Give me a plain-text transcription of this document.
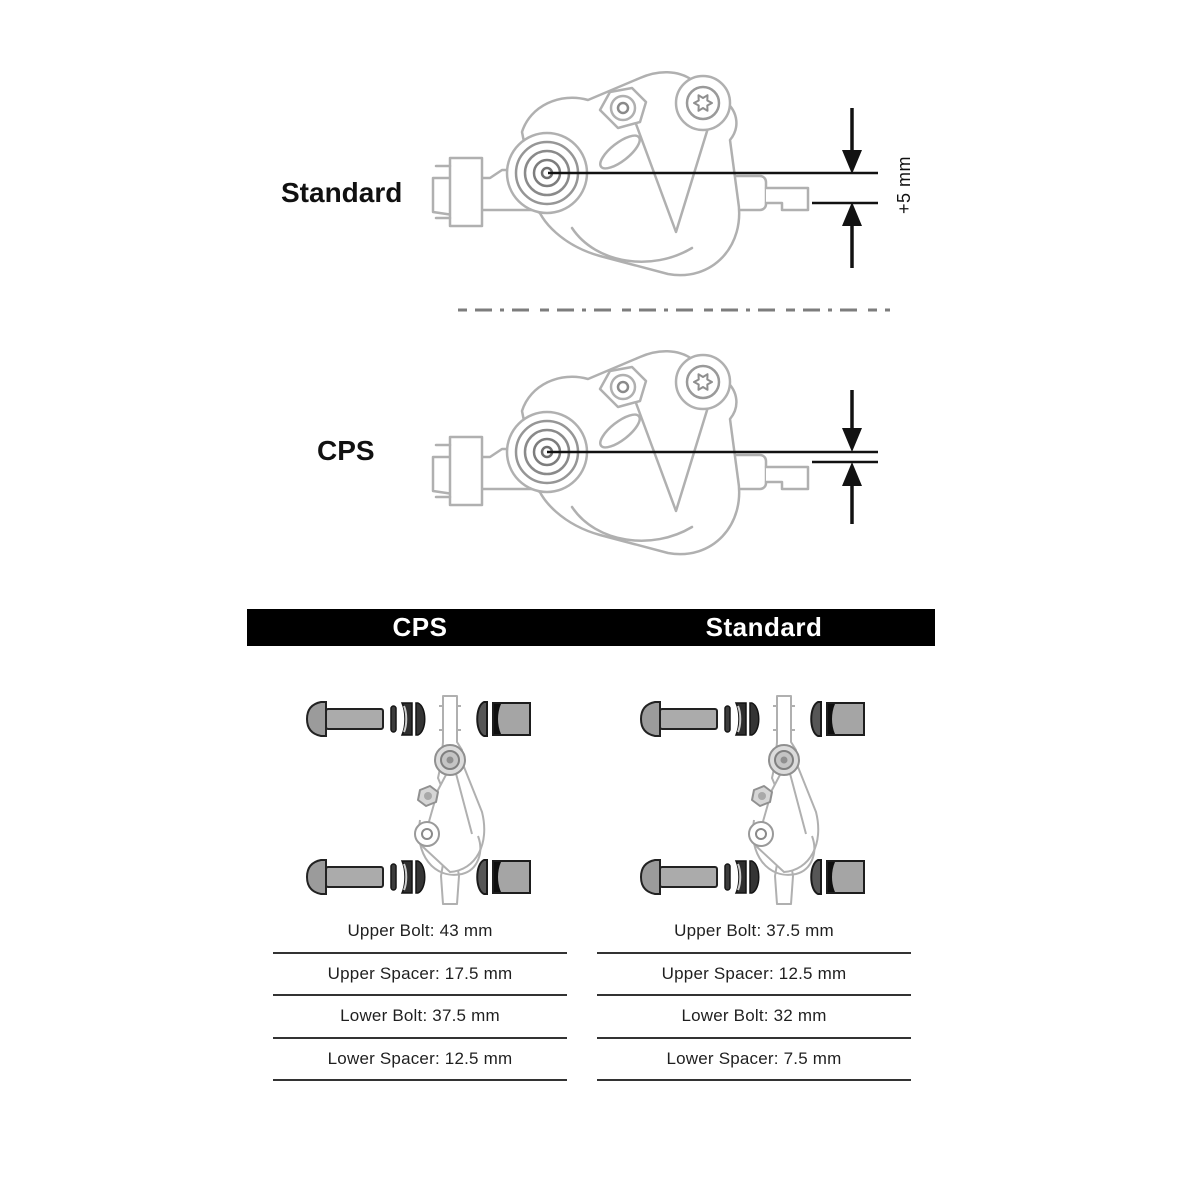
Standard	+5 mm
CPS
CPS	Standard
Upper Bolt: 43 mm
Upper Spacer: 17.5 mm
Lower Bolt: 37.5 mm
Lower Spacer: 12.5 mm
Upper Bolt: 37.5 mm
Upper Spacer: 12.5 mm
Lower Bolt: 32 mm
Lower Spacer: 7.5 mm
